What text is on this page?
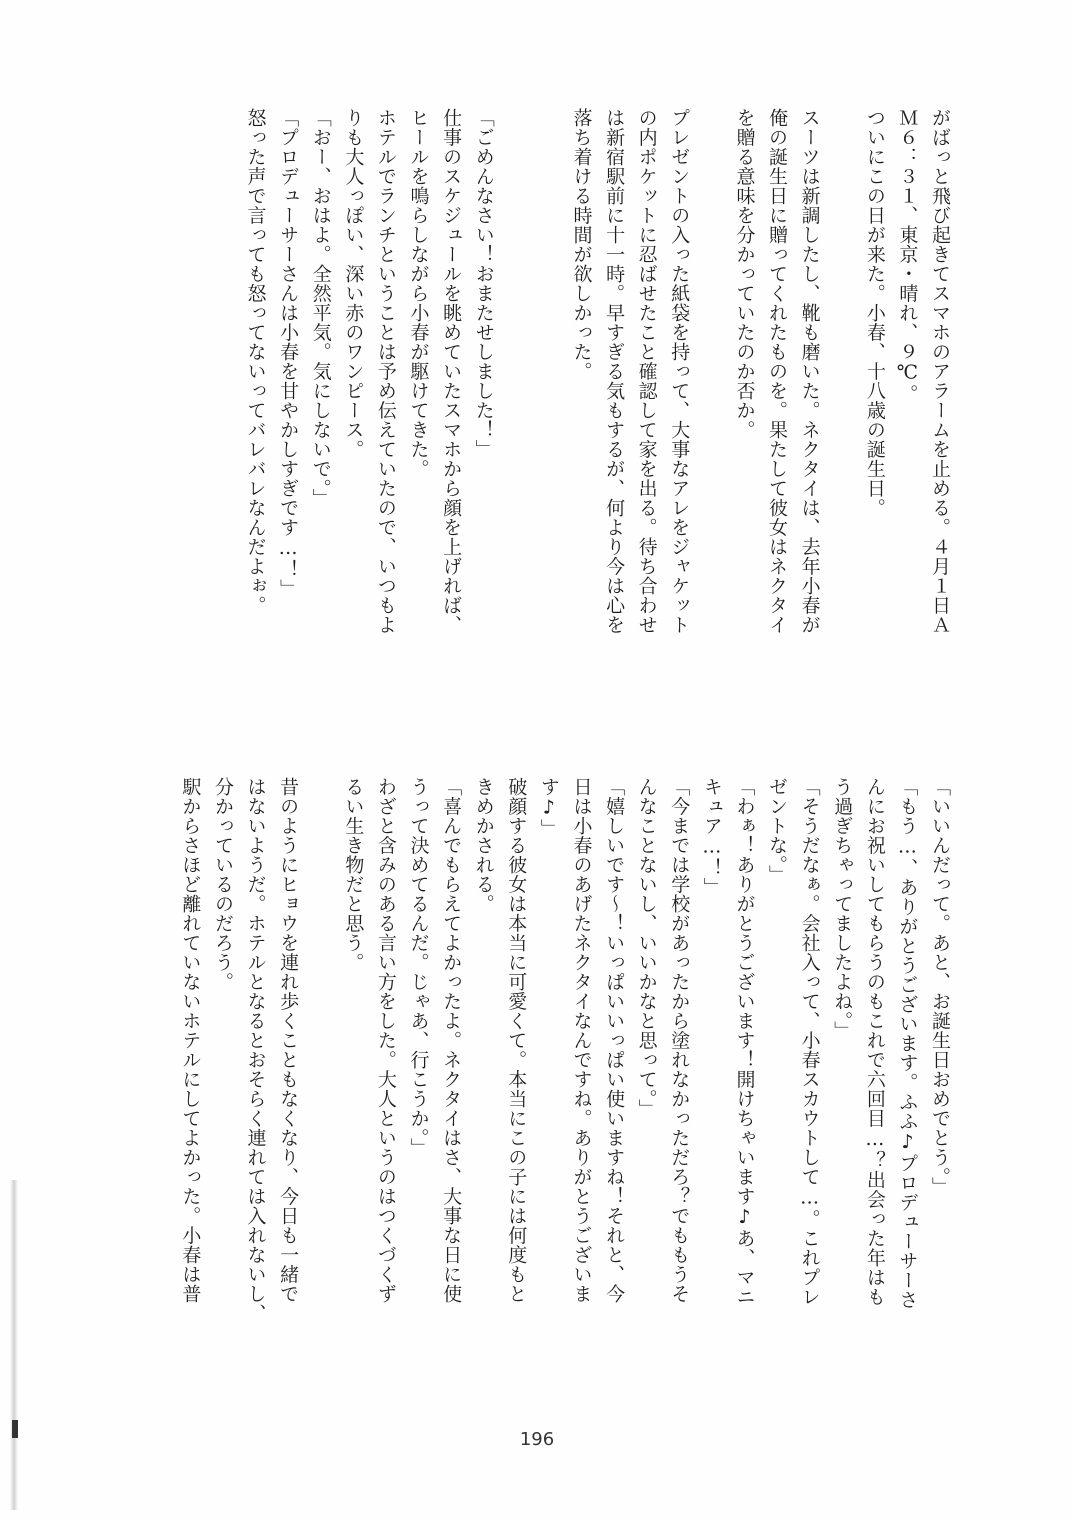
がばっと飛び起きてスマホのアラームを止める。４月１日Ａ
Ｍ６：３１、東京・晴れ、９℃。
ついにこの日が来た。小春、十八歳の誕生日。
スーツは新調したし、靴も磨いた。ネクタイは、去年小春が
俺の誕生日に贈ってくれたものを。果たして彼女はネクタイ
を贈る意味を分かっていたのか否か。
プレゼントの入った紙袋を持って、大事なアレをジャケット
の内ポケットに忍ばせたこと確認して家を出る。待ち合わせ
は新宿駅前に十一時。早すぎる気もするが、何より今は心を
落ち着ける時間が欲しかった。
「ごめんなさい！おまたせしました！」
仕事のスケジュールを眺めていたスマホから顔を上げれば、
ヒールを鳴らしながら小春が駆けてきた。
ホテルでランチということは予め伝えていたので、いつもよ
りも大人っぽい、深い赤のワンピース。
「おー、おはよ。全然平気。気にしないで。」
「プロデューサーさんは小春を甘やかしすぎです…！」
怒った声で言っても怒ってないってバレバレなんだよぉ。
「いいんだって。あと、お誕生日おめでとう。」
「もう…、ありがとうございます。ふふ♪プロデューサーさ
んにお祝いしてもらうのもこれで六回目…？出会った年はも
う過ぎちゃってましたよね。」
「そうだなぁ。会社入って、小春スカウトして…。これプレ
ゼントな。」
「わぁ！ありがとうございます！開けちゃいます♪あ、マニ
キュア…！」
「今までは学校があったから塗れなかっただろ？でももうそ
んなことないし、いいかなと思って。」
「嬉しいです～！いっぱいいっぱい使いますね！それと、今
日は小春のあげたネクタイなんですね。ありがとうございま
す♪」
破顔する彼女は本当に可愛くて。本当にこの子には何度もと
きめかされる。
「喜んでもらえてよかったよ。ネクタイはさ、大事な日に使
うって決めてるんだ。じゃあ、行こうか。」
わざと含みのある言い方をした。大人というのはつくづくず
るい生き物だと思う。
昔のようにヒョウを連れ歩くこともなくなり、今日も一緒で
はないようだ。ホテルとなるとおそらく連れては入れないし、
分かっているのだろう。
駅からさほど離れていないホテルにしてよかった。小春は普
196
